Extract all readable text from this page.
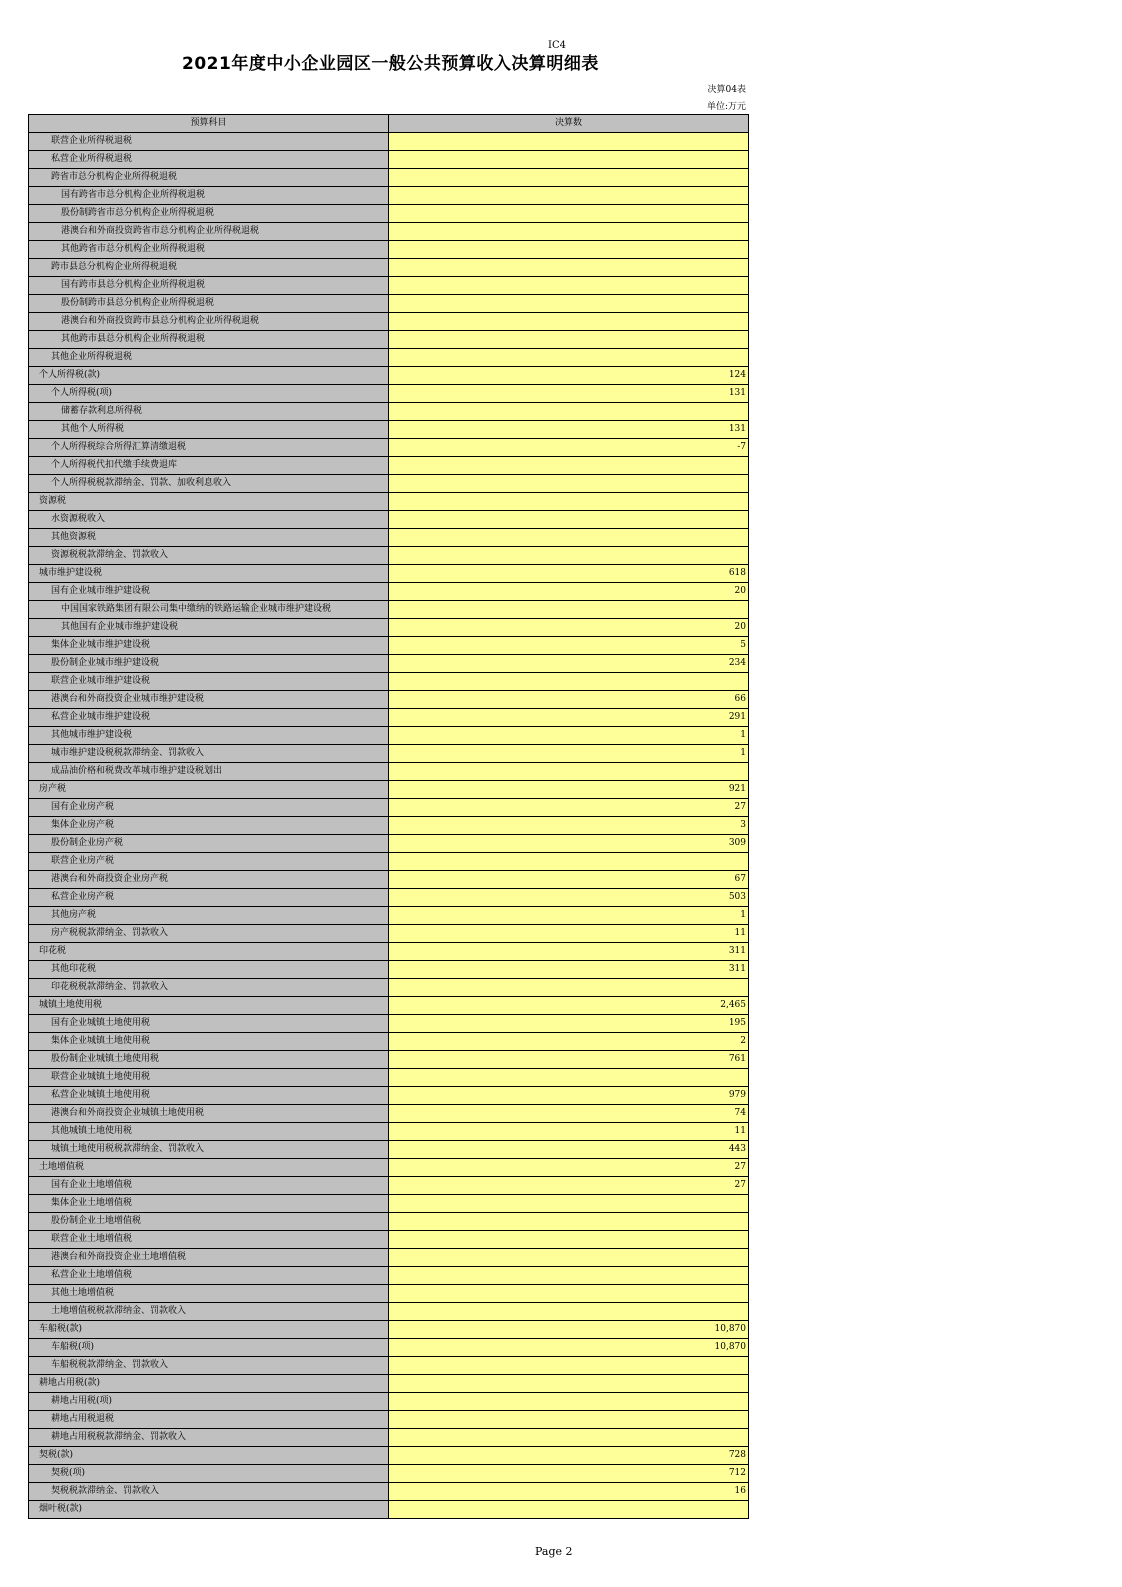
IC4
2021年度中小企业园区一般公共预算收入决算明细表
决算04表
单位:万元
预算科目	决算数
联营企业所得税退税	
私营企业所得税退税	
跨省市总分机构企业所得税退税	
国有跨省市总分机构企业所得税退税	
股份制跨省市总分机构企业所得税退税	
港澳台和外商投资跨省市总分机构企业所得税退税	
其他跨省市总分机构企业所得税退税	
跨市县总分机构企业所得税退税	
国有跨市县总分机构企业所得税退税	
股份制跨市县总分机构企业所得税退税	
港澳台和外商投资跨市县总分机构企业所得税退税	
其他跨市县总分机构企业所得税退税	
其他企业所得税退税	
个人所得税(款)	124
个人所得税(项)	131
储蓄存款利息所得税	
其他个人所得税	131
个人所得税综合所得汇算清缴退税	-7
个人所得税代扣代缴手续费退库	
个人所得税税款滞纳金、罚款、加收利息收入	
资源税	
水资源税收入	
其他资源税	
资源税税款滞纳金、罚款收入	
城市维护建设税	618
国有企业城市维护建设税	20
中国国家铁路集团有限公司集中缴纳的铁路运输企业城市维护建设税	
其他国有企业城市维护建设税	20
集体企业城市维护建设税	5
股份制企业城市维护建设税	234
联营企业城市维护建设税	
港澳台和外商投资企业城市维护建设税	66
私营企业城市维护建设税	291
其他城市维护建设税	1
城市维护建设税税款滞纳金、罚款收入	1
成品油价格和税费改革城市维护建设税划出	
房产税	921
国有企业房产税	27
集体企业房产税	3
股份制企业房产税	309
联营企业房产税	
港澳台和外商投资企业房产税	67
私营企业房产税	503
其他房产税	1
房产税税款滞纳金、罚款收入	11
印花税	311
其他印花税	311
印花税税款滞纳金、罚款收入	
城镇土地使用税	2,465
国有企业城镇土地使用税	195
集体企业城镇土地使用税	2
股份制企业城镇土地使用税	761
联营企业城镇土地使用税	
私营企业城镇土地使用税	979
港澳台和外商投资企业城镇土地使用税	74
其他城镇土地使用税	11
城镇土地使用税税款滞纳金、罚款收入	443
土地增值税	27
国有企业土地增值税	27
集体企业土地增值税	
股份制企业土地增值税	
联营企业土地增值税	
港澳台和外商投资企业土地增值税	
私营企业土地增值税	
其他土地增值税	
土地增值税税款滞纳金、罚款收入	
车船税(款)	10,870
车船税(项)	10,870
车船税税款滞纳金、罚款收入	
耕地占用税(款)	
耕地占用税(项)	
耕地占用税退税	
耕地占用税税款滞纳金、罚款收入	
契税(款)	728
契税(项)	712
契税税款滞纳金、罚款收入	16
烟叶税(款)	
Page 2
